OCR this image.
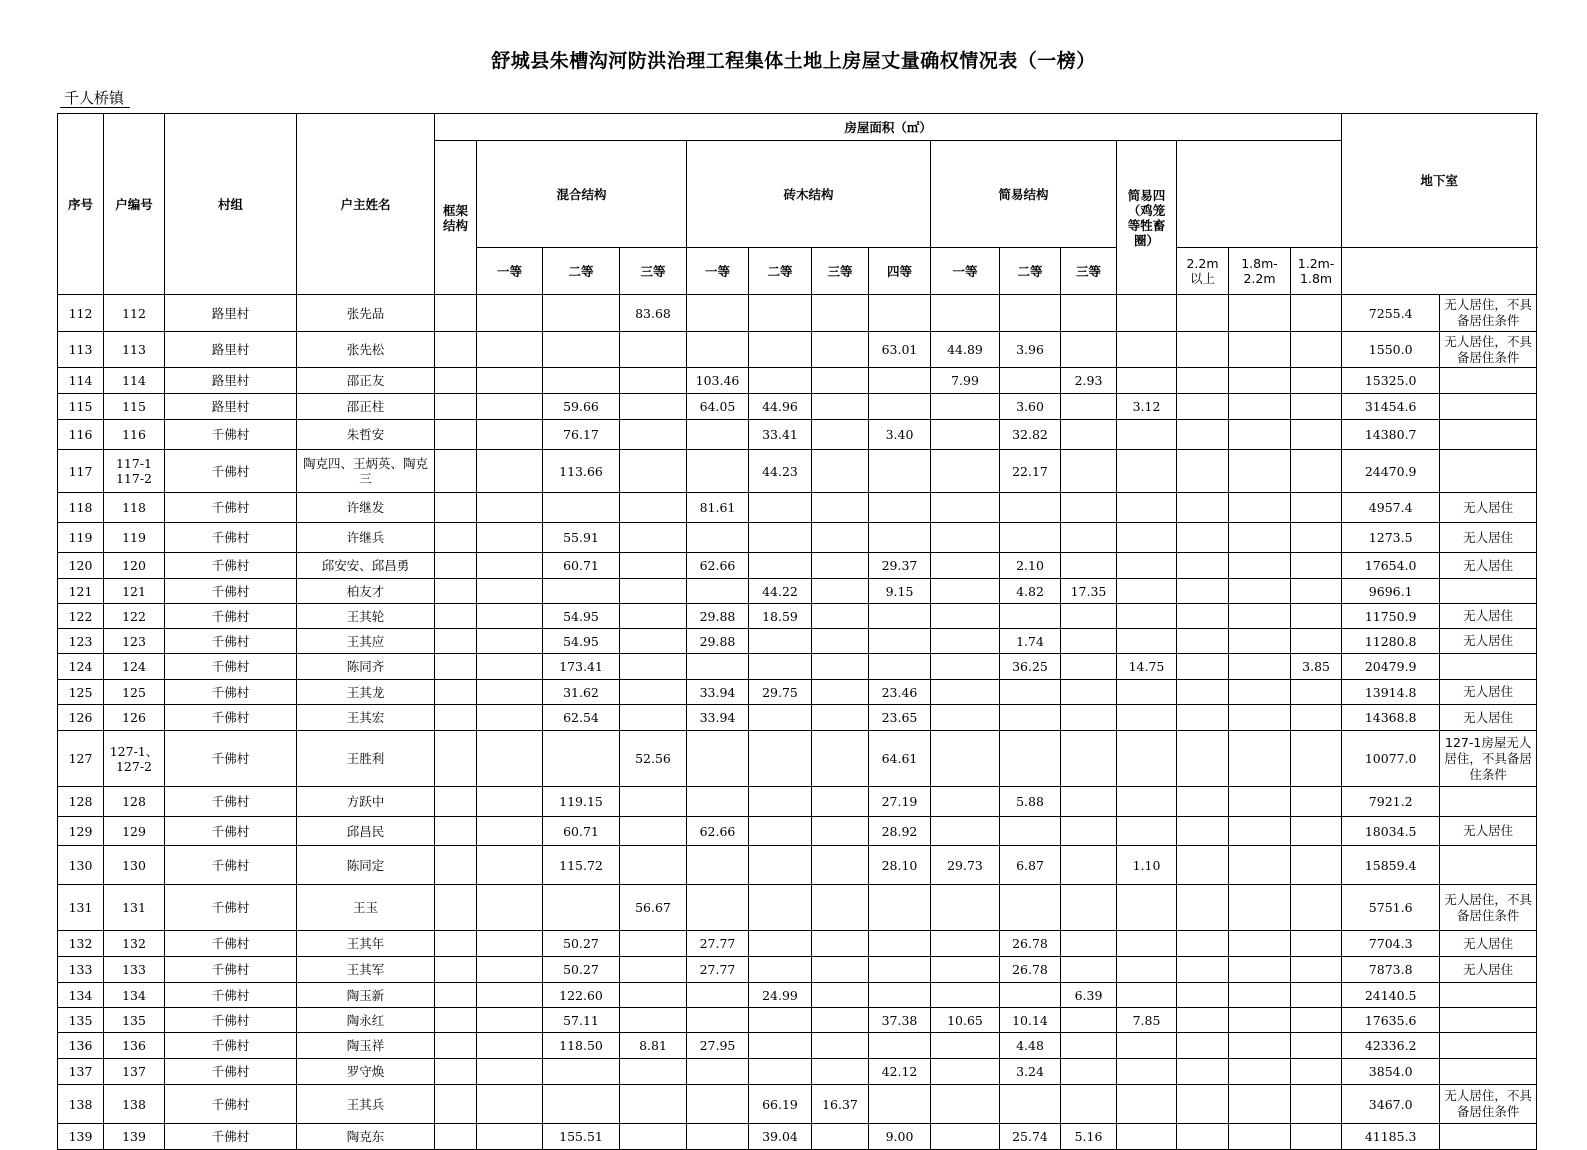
舒城县朱槽沟河防洪治理工程集体土地上房屋丈量确权情况表（一榜）
千人桥镇
序号	户编号	村组	户主姓名	房屋面积（㎡）															地下室		
				框架结构	混合结构			砖木结构				简易结构			简易四（鸡笼等牲畜圈）						
					一等	二等	三等	一等	二等	三等	四等	一等	二等	三等		2.2m以上	1.8m-2.2m	1.2m-1.8m			
112	112	路里村	张先品				83.68												7255.4	无人居住，不具备居住条件	
113	113	路里村	张先松								63.01	44.89	3.96						1550.0	无人居住，不具备居住条件	
114	114	路里村	邵正友					103.46				7.99		2.93					15325.0		
115	115	路里村	邵正柱			59.66		64.05	44.96				3.60		3.12				31454.6		
116	116	千佛村	朱哲安			76.17			33.41		3.40		32.82						14380.7		
117	117-1 117-2	千佛村	陶克四、王炳英、陶克三			113.66			44.23				22.17						24470.9		
118	118	千佛村	许继发					81.61											4957.4	无人居住	
119	119	千佛村	许继兵			55.91													1273.5	无人居住	
120	120	千佛村	邱安安、邱昌勇			60.71		62.66			29.37		2.10						17654.0	无人居住	
121	121	千佛村	柏友才						44.22		9.15		4.82	17.35					9696.1		
122	122	千佛村	王其轮			54.95		29.88	18.59										11750.9	无人居住	
123	123	千佛村	王其应			54.95		29.88					1.74						11280.8	无人居住	
124	124	千佛村	陈同齐			173.41							36.25		14.75			3.85	20479.9		
125	125	千佛村	王其龙			31.62		33.94	29.75		23.46								13914.8	无人居住	
126	126	千佛村	王其宏			62.54		33.94			23.65								14368.8	无人居住	
127	127-1、127-2	千佛村	王胜利				52.56				64.61								10077.0	127-1房屋无人居住，不具备居住条件	
128	128	千佛村	方跃中			119.15					27.19		5.88						7921.2		
129	129	千佛村	邱昌民			60.71		62.66			28.92								18034.5	无人居住	
130	130	千佛村	陈同定			115.72					28.10	29.73	6.87		1.10				15859.4		
131	131	千佛村	王玉				56.67												5751.6	无人居住，不具备居住条件	
132	132	千佛村	王其年			50.27		27.77					26.78						7704.3	无人居住	
133	133	千佛村	王其军			50.27		27.77					26.78						7873.8	无人居住	
134	134	千佛村	陶玉新			122.60			24.99					6.39					24140.5		
135	135	千佛村	陶永红			57.11					37.38	10.65	10.14		7.85				17635.6		
136	136	千佛村	陶玉祥			118.50	8.81	27.95					4.48						42336.2		
137	137	千佛村	罗守焕								42.12		3.24						3854.0		
138	138	千佛村	王其兵						66.19	16.37									3467.0	无人居住，不具备居住条件	
139	139	千佛村	陶克东			155.51			39.04		9.00		25.74	5.16					41185.3		
